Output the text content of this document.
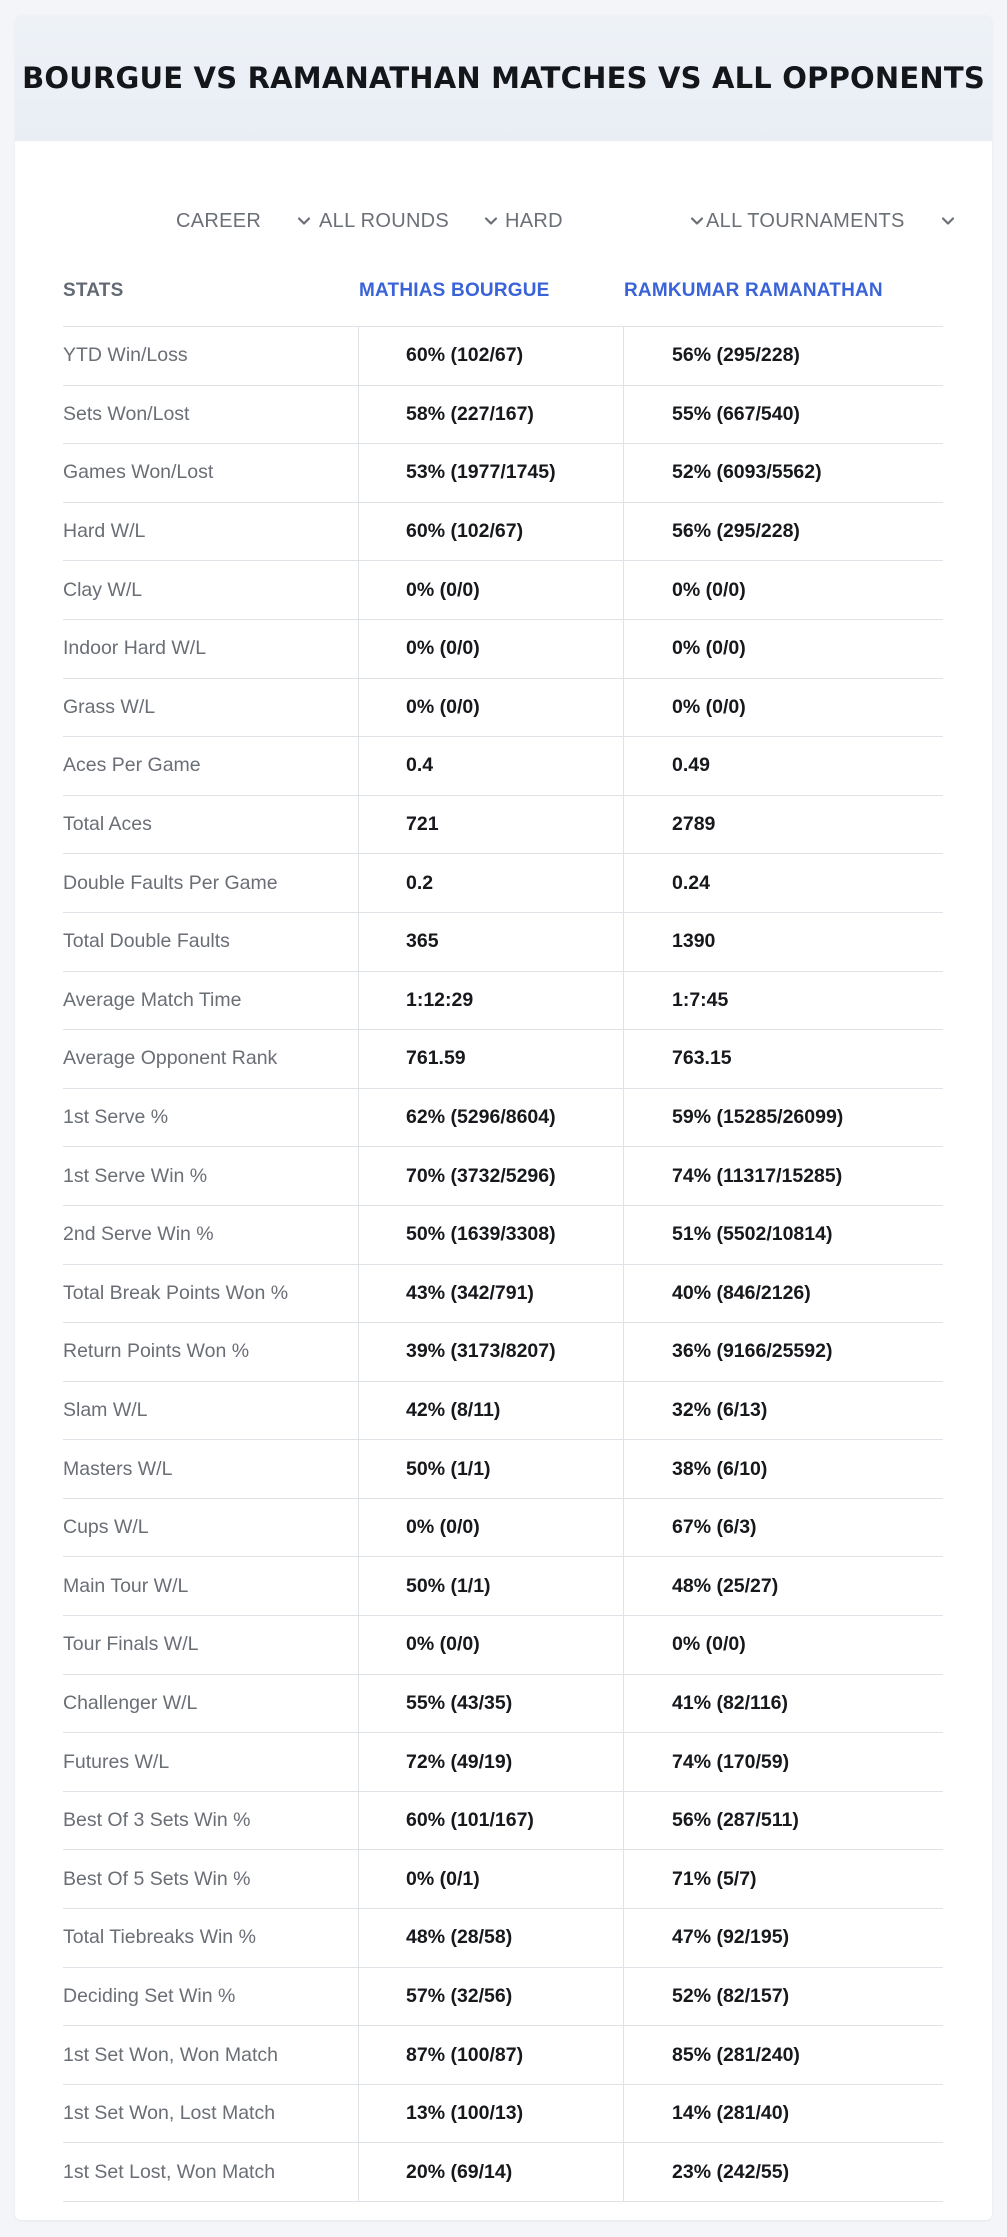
BOURGUE VS RAMANATHAN MATCHES VS ALL OPPONENTS
CAREER	ALL ROUNDS	HARD	ALL TOURNAMENTS
STATS	MATHIAS BOURGUE	RAMKUMAR RAMANATHAN
YTD Win/Loss	60% (102/67)	56% (295/228)
Sets Won/Lost	58% (227/167)	55% (667/540)
Games Won/Lost	53% (1977/1745)	52% (6093/5562)
Hard W/L	60% (102/67)	56% (295/228)
Clay W/L	0% (0/0)	0% (0/0)
Indoor Hard W/L	0% (0/0)	0% (0/0)
Grass W/L	0% (0/0)	0% (0/0)
Aces Per Game	0.4	0.49
Total Aces	721	2789
Double Faults Per Game	0.2	0.24
Total Double Faults	365	1390
Average Match Time	1:12:29	1:7:45
Average Opponent Rank	761.59	763.15
1st Serve %	62% (5296/8604)	59% (15285/26099)
1st Serve Win %	70% (3732/5296)	74% (11317/15285)
2nd Serve Win %	50% (1639/3308)	51% (5502/10814)
Total Break Points Won %	43% (342/791)	40% (846/2126)
Return Points Won %	39% (3173/8207)	36% (9166/25592)
Slam W/L	42% (8/11)	32% (6/13)
Masters W/L	50% (1/1)	38% (6/10)
Cups W/L	0% (0/0)	67% (6/3)
Main Tour W/L	50% (1/1)	48% (25/27)
Tour Finals W/L	0% (0/0)	0% (0/0)
Challenger W/L	55% (43/35)	41% (82/116)
Futures W/L	72% (49/19)	74% (170/59)
Best Of 3 Sets Win %	60% (101/167)	56% (287/511)
Best Of 5 Sets Win %	0% (0/1)	71% (5/7)
Total Tiebreaks Win %	48% (28/58)	47% (92/195)
Deciding Set Win %	57% (32/56)	52% (82/157)
1st Set Won, Won Match	87% (100/87)	85% (281/240)
1st Set Won, Lost Match	13% (100/13)	14% (281/40)
1st Set Lost, Won Match	20% (69/14)	23% (242/55)
